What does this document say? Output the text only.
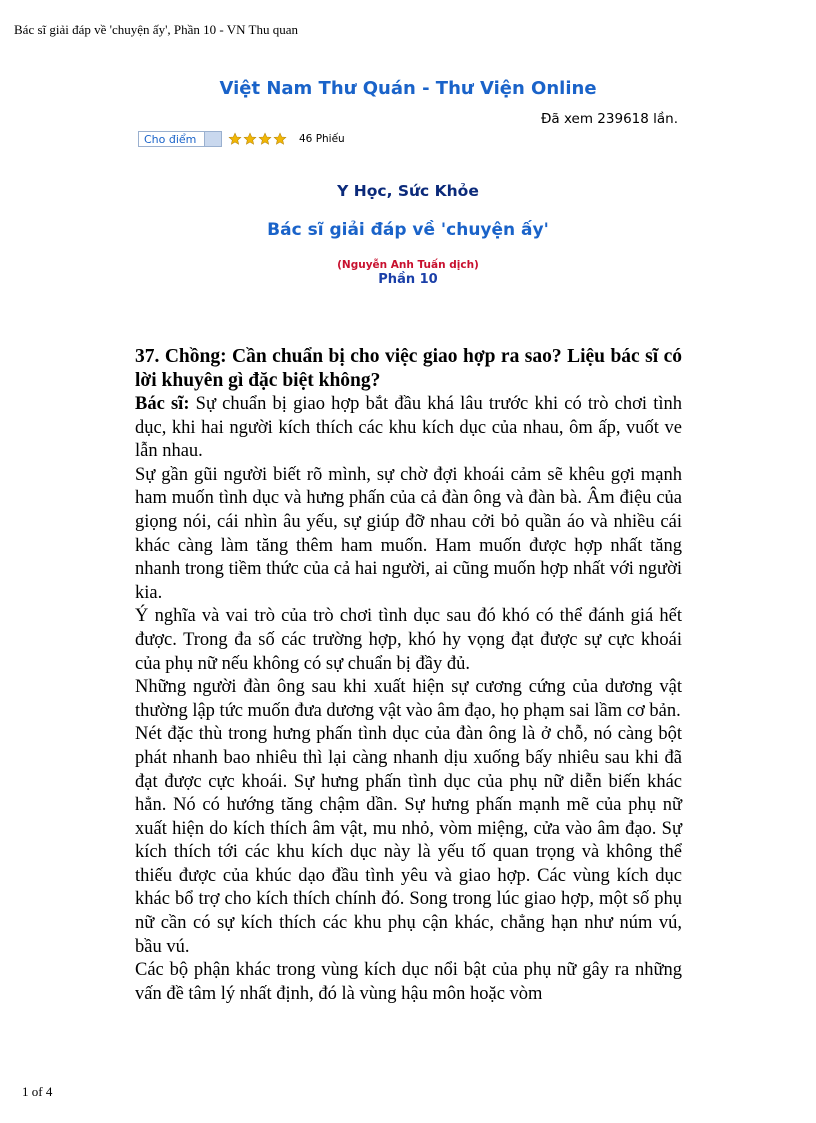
Bác sĩ giải đáp về 'chuyện ấy', Phần 10 - VN Thu quan
Việt Nam Thư Quán - Thư Viện Online
Đã xem 239618 lần.
Cho điểm	46 Phiếu
Y Học, Sức Khỏe
Bác sĩ giải đáp về 'chuyện ấy'
(Nguyễn Anh Tuấn dịch)
Phần 10

37. Chồng: Cần chuẩn bị cho việc giao hợp ra sao? Liệu bác sĩ có lời khuyên gì đặc biệt không?

Bác sĩ: Sự chuẩn bị giao hợp bắt đầu khá lâu trước khi có trò chơi tình dục, khi hai người kích thích các khu kích dục của nhau, ôm ấp, vuốt ve lẫn nhau.

Sự gần gũi người biết rõ mình, sự chờ đợi khoái cảm sẽ khêu gợi mạnh ham muốn tình dục và hưng phấn của cả đàn ông và đàn bà. Âm điệu của giọng nói, cái nhìn âu yếu, sự giúp đỡ nhau cởi bỏ quần áo và nhiều cái khác càng làm tăng thêm ham muốn. Ham muốn được hợp nhất tăng nhanh trong tiềm thức của cả hai người, ai cũng muốn hợp nhất với người kia.

Ý nghĩa và vai trò của trò chơi tình dục sau đó khó có thể đánh giá hết được. Trong đa số các trường hợp, khó hy vọng đạt được sự cực khoái của phụ nữ nếu không có sự chuẩn bị đầy đủ.

Những người đàn ông sau khi xuất hiện sự cương cứng của dương vật thường lập tức muốn đưa dương vật vào âm đạo, họ phạm sai lầm cơ bản.

Nét đặc thù trong hưng phấn tình dục của đàn ông là ở chỗ, nó càng bột phát nhanh bao nhiêu thì lại càng nhanh dịu xuống bấy nhiêu sau khi đã đạt được cực khoái. Sự hưng phấn tình dục của phụ nữ diễn biến khác hẳn. Nó có hướng tăng chậm dần. Sự hưng phấn mạnh mẽ của phụ nữ xuất hiện do kích thích âm vật, mu nhỏ, vòm miệng, cửa vào âm đạo. Sự kích thích tới các khu kích dục này là yếu tố quan trọng và không thể thiếu được của khúc dạo đầu tình yêu và giao hợp. Các vùng kích dục khác bổ trợ cho kích thích chính đó. Song trong lúc giao hợp, một số phụ nữ cần có sự kích thích các khu phụ cận khác, chẳng hạn như núm vú, bầu vú.

Các bộ phận khác trong vùng kích dục nổi bật của phụ nữ gây ra những vấn đề tâm lý nhất định, đó là vùng hậu môn hoặc vòm

1 of 4
